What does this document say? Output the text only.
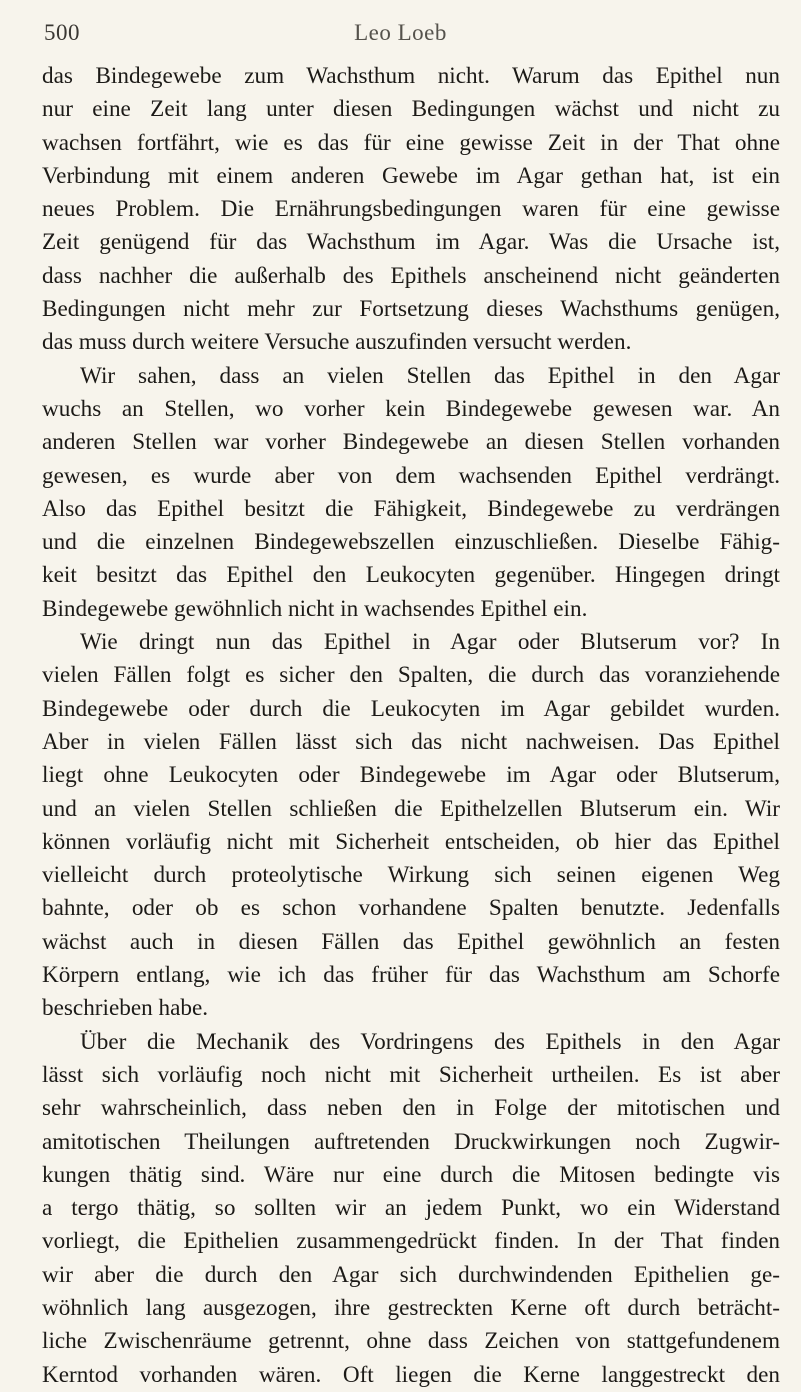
500	Leo Loeb
das Bindegewebe zum Wachsthum nicht. Warum das Epithel nun
nur eine Zeit lang unter diesen Bedingungen wächst und nicht zu
wachsen fortfährt, wie es das für eine gewisse Zeit in der That ohne
Verbindung mit einem anderen Gewebe im Agar gethan hat, ist ein
neues Problem. Die Ernährungsbedingungen waren für eine gewisse
Zeit genügend für das Wachsthum im Agar. Was die Ursache ist,
dass nachher die außerhalb des Epithels anscheinend nicht geänderten
Bedingungen nicht mehr zur Fortsetzung dieses Wachsthums genügen,
das muss durch weitere Versuche auszufinden versucht werden.
Wir sahen, dass an vielen Stellen das Epithel in den Agar
wuchs an Stellen, wo vorher kein Bindegewebe gewesen war. An
anderen Stellen war vorher Bindegewebe an diesen Stellen vorhanden
gewesen, es wurde aber von dem wachsenden Epithel verdrängt.
Also das Epithel besitzt die Fähigkeit, Bindegewebe zu verdrängen
und die einzelnen Bindegewebszellen einzuschließen. Dieselbe Fähig-
keit besitzt das Epithel den Leukocyten gegenüber. Hingegen dringt
Bindegewebe gewöhnlich nicht in wachsendes Epithel ein.
Wie dringt nun das Epithel in Agar oder Blutserum vor? In
vielen Fällen folgt es sicher den Spalten, die durch das voranziehende
Bindegewebe oder durch die Leukocyten im Agar gebildet wurden.
Aber in vielen Fällen lässt sich das nicht nachweisen. Das Epithel
liegt ohne Leukocyten oder Bindegewebe im Agar oder Blutserum,
und an vielen Stellen schließen die Epithelzellen Blutserum ein. Wir
können vorläufig nicht mit Sicherheit entscheiden, ob hier das Epithel
vielleicht durch proteolytische Wirkung sich seinen eigenen Weg
bahnte, oder ob es schon vorhandene Spalten benutzte. Jedenfalls
wächst auch in diesen Fällen das Epithel gewöhnlich an festen
Körpern entlang, wie ich das früher für das Wachsthum am Schorfe
beschrieben habe.
Über die Mechanik des Vordringens des Epithels in den Agar
lässt sich vorläufig noch nicht mit Sicherheit urtheilen. Es ist aber
sehr wahrscheinlich, dass neben den in Folge der mitotischen und
amitotischen Theilungen auftretenden Druckwirkungen noch Zugwir-
kungen thätig sind. Wäre nur eine durch die Mitosen bedingte vis
a tergo thätig, so sollten wir an jedem Punkt, wo ein Widerstand
vorliegt, die Epithelien zusammengedrückt finden. In der That finden
wir aber die durch den Agar sich durchwindenden Epithelien ge-
wöhnlich lang ausgezogen, ihre gestreckten Kerne oft durch beträcht-
liche Zwischenräume getrennt, ohne dass Zeichen von stattgefundenem
Kerntod vorhanden wären. Oft liegen die Kerne langgestreckt den
